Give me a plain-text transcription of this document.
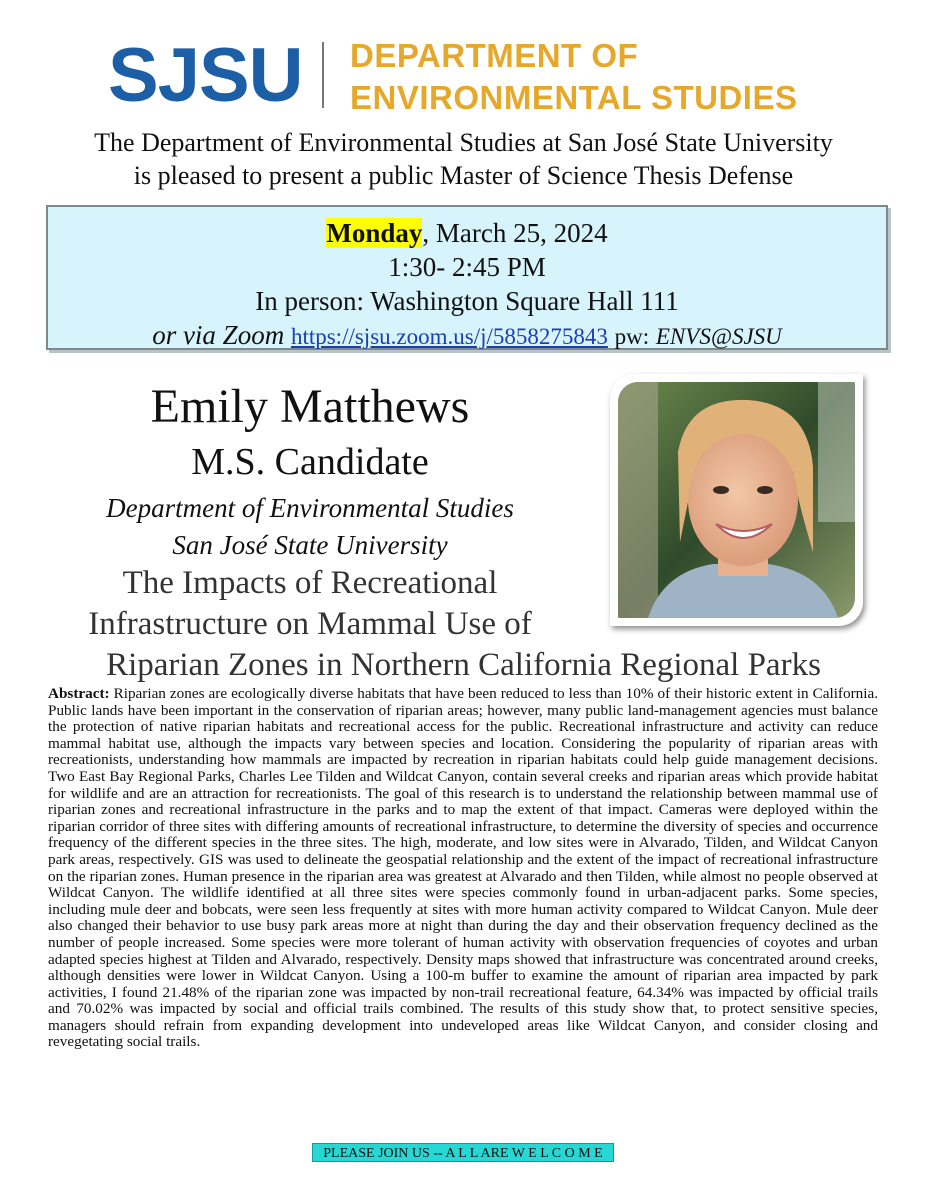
SJSU DEPARTMENT OF
ENVIRONMENTAL STUDIES
The Department of Environmental Studies at San José State University
is pleased to present a public Master of Science Thesis Defense
Monday, March 25, 2024
1:30- 2:45 PM
In person: Washington Square Hall 111
or via Zoom https://sjsu.zoom.us/j/5858275843 pw: ENVS@SJSU
Emily Matthews
M.S. Candidate
Department of Environmental Studies
San José State University
The Impacts of Recreational
Infrastructure on Mammal Use of
Riparian Zones in Northern California Regional Parks
Abstract: Riparian zones are ecologically diverse habitats that have been reduced to less than 10% of their historic extent in California. Public lands have been important in the conservation of riparian areas; however, many public land-management agencies must balance the protection of native riparian habitats and recreational access for the public. Recreational infrastructure and activity can reduce mammal habitat use, although the impacts vary between species and location. Considering the popularity of riparian areas with recreationists, understanding how mammals are impacted by recreation in riparian habitats could help guide management decisions. Two East Bay Regional Parks, Charles Lee Tilden and Wildcat Canyon, contain several creeks and riparian areas which provide habitat for wildlife and are an attraction for recreationists. The goal of this research is to understand the relationship between mammal use of riparian zones and recreational infrastructure in the parks and to map the extent of that impact. Cameras were deployed within the riparian corridor of three sites with differing amounts of recreational infrastructure, to determine the diversity of species and occurrence frequency of the different species in the three sites. The high, moderate, and low sites were in Alvarado, Tilden, and Wildcat Canyon park areas, respectively. GIS was used to delineate the geospatial relationship and the extent of the impact of recreational infrastructure on the riparian zones. Human presence in the riparian area was greatest at Alvarado and then Tilden, while almost no people observed at Wildcat Canyon. The wildlife identified at all three sites were species commonly found in urban-adjacent parks. Some species, including mule deer and bobcats, were seen less frequently at sites with more human activity compared to Wildcat Canyon. Mule deer also changed their behavior to use busy park areas more at night than during the day and their observation frequency declined as the number of people increased. Some species were more tolerant of human activity with observation frequencies of coyotes and urban adapted species highest at Tilden and Alvarado, respectively. Density maps showed that infrastructure was concentrated around creeks, although densities were lower in Wildcat Canyon. Using a 100-m buffer to examine the amount of riparian area impacted by park activities, I found 21.48% of the riparian zone was impacted by non-trail recreational feature, 64.34% was impacted by official trails and 70.02% was impacted by social and official trails combined. The results of this study show that, to protect sensitive species, managers should refrain from expanding development into undeveloped areas like Wildcat Canyon, and consider closing and revegetating social trails.
PLEASE JOIN US -- A L L ARE W E L C O M E
